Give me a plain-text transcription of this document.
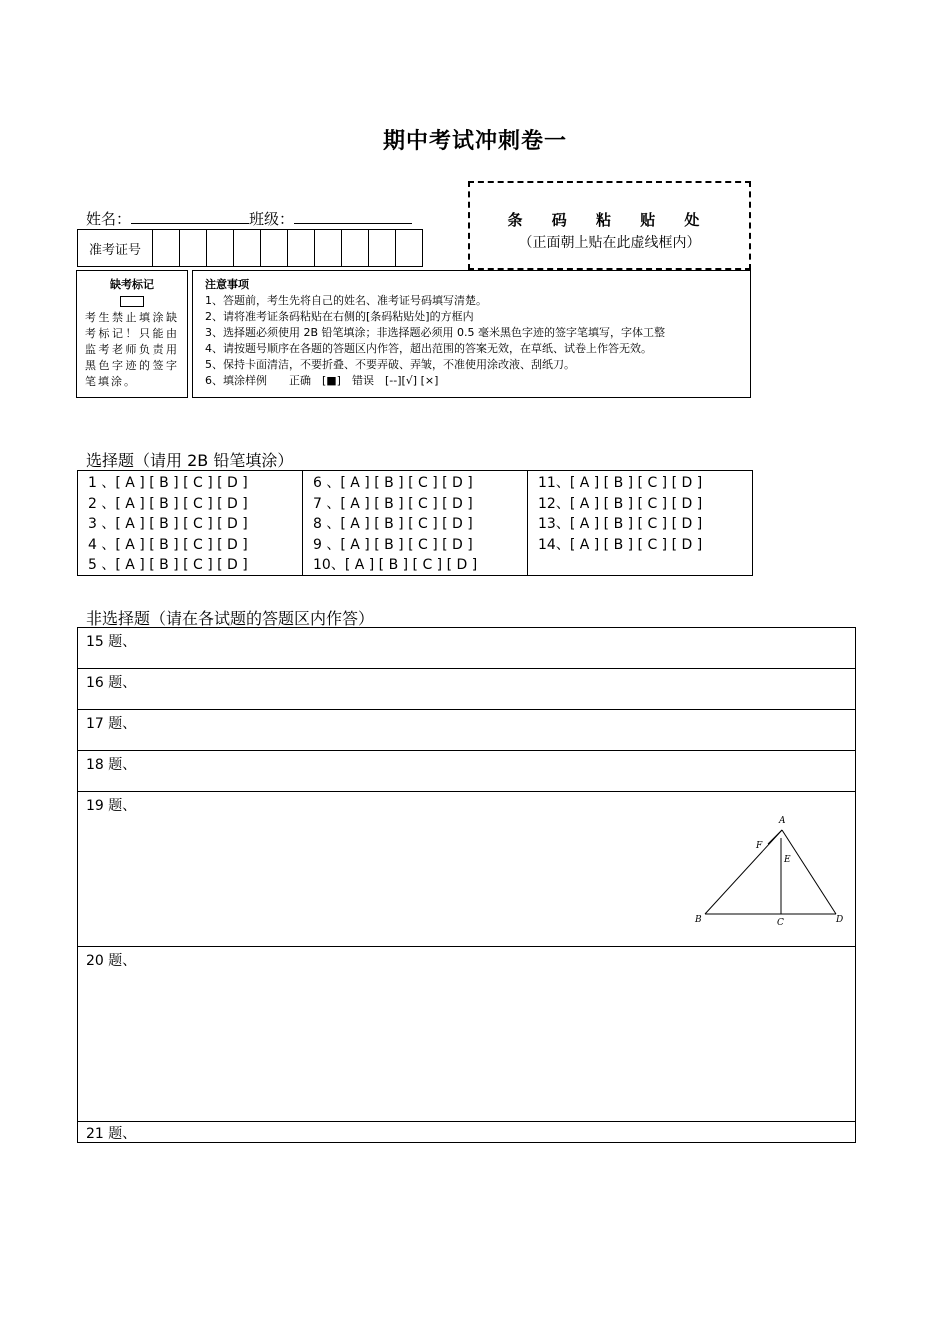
期中考试冲刺卷一
姓名：	班级：
准考证号
条 码 粘 贴 处
（正面朝上贴在此虚线框内）
缺考标记
考生禁止填涂缺考标记！只能由监考老师负责用黑色字迹的签字笔填涂。
注意事项
1、答题前，考生先将自己的姓名、准考证号码填写清楚。
2、请将准考证条码粘贴在右侧的[条码粘贴处]的方框内
3、选择题必须使用 2B 铅笔填涂；非选择题必须用 0.5 毫米黑色字迹的签字笔填写，字体工整
4、请按题号顺序在各题的答题区内作答，超出范围的答案无效，在草纸、试卷上作答无效。
5、保持卡面清洁，不要折叠、不要弄破、弄皱，不准使用涂改液、刮纸刀。
6、填涂样例　　正确　[■]　错误　[--][√] [×]
选择题（请用 2B 铅笔填涂）
1 、[ A ] [ B ] [ C ] [ D ]
2 、[ A ] [ B ] [ C ] [ D ]
3 、[ A ] [ B ] [ C ] [ D ]
4 、[ A ] [ B ] [ C ] [ D ]
5 、[ A ] [ B ] [ C ] [ D ]
6 、[ A ] [ B ] [ C ] [ D ]
7 、[ A ] [ B ] [ C ] [ D ]
8 、[ A ] [ B ] [ C ] [ D ]
9 、[ A ] [ B ] [ C ] [ D ]
10、[ A ] [ B ] [ C ] [ D ]
11、[ A ] [ B ] [ C ] [ D ]
12、[ A ] [ B ] [ C ] [ D ]
13、[ A ] [ B ] [ C ] [ D ]
14、[ A ] [ B ] [ C ] [ D ]
非选择题（请在各试题的答题区内作答）
15 题、
16 题、
17 题、
18 题、
19 题、
20 题、
21 题、
A
F
E
B	C	D
